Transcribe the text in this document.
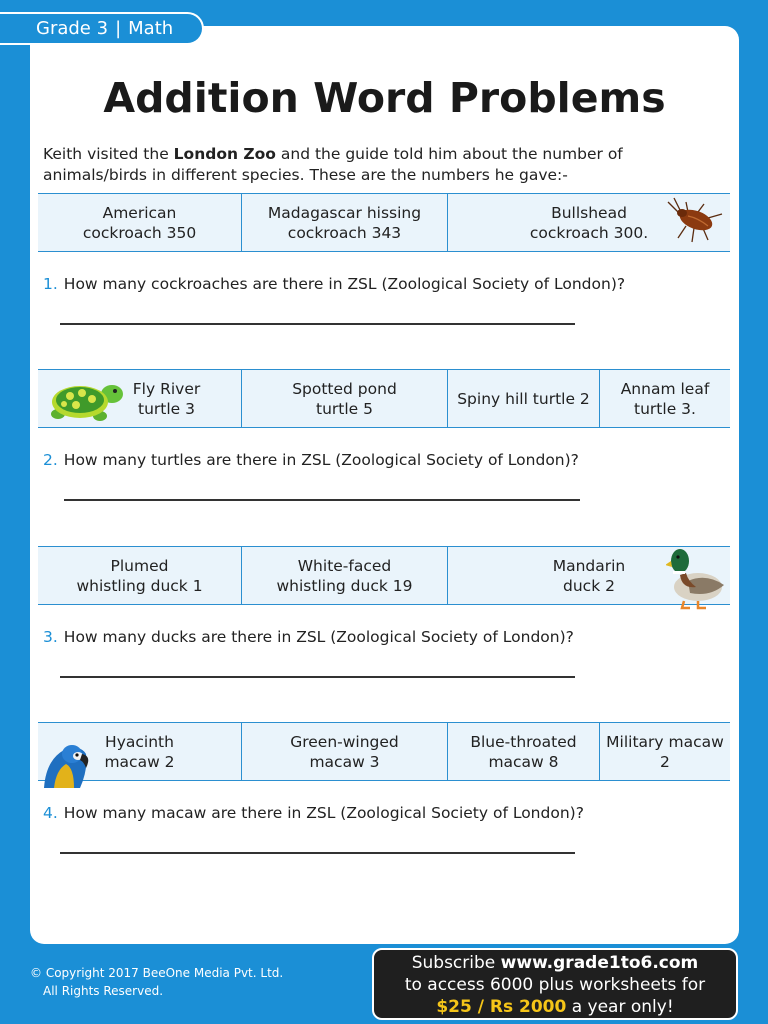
Grade 3 | Math
Addition Word Problems
Keith visited the London Zoo and the guide told him about the number of animals/birds in different species. These are the numbers he gave:-
American
cockroach 350
Madagascar hissing
cockroach 343
Bullshead
cockroach 300.
1. How many cockroaches are there in ZSL (Zoological Society of London)?
Fly River
turtle 3
Spotted pond
turtle 5
Spiny hill turtle 2
Annam leaf
turtle 3.
2. How many turtles are there in ZSL (Zoological Society of London)?
Plumed
whistling duck 1
White-faced
whistling duck 19
Mandarin
duck 2
3. How many ducks are there in ZSL (Zoological Society of London)?
Hyacinth
macaw 2
Green-winged
macaw 3
Blue-throated
macaw 8
Military macaw
2
4. How many macaw are there in ZSL (Zoological Society of London)?
© Copyright 2017 BeeOne Media Pvt. Ltd.
All Rights Reserved.
Subscribe www.grade1to6.com
to access 6000 plus worksheets for
$25 / Rs 2000 a year only!
